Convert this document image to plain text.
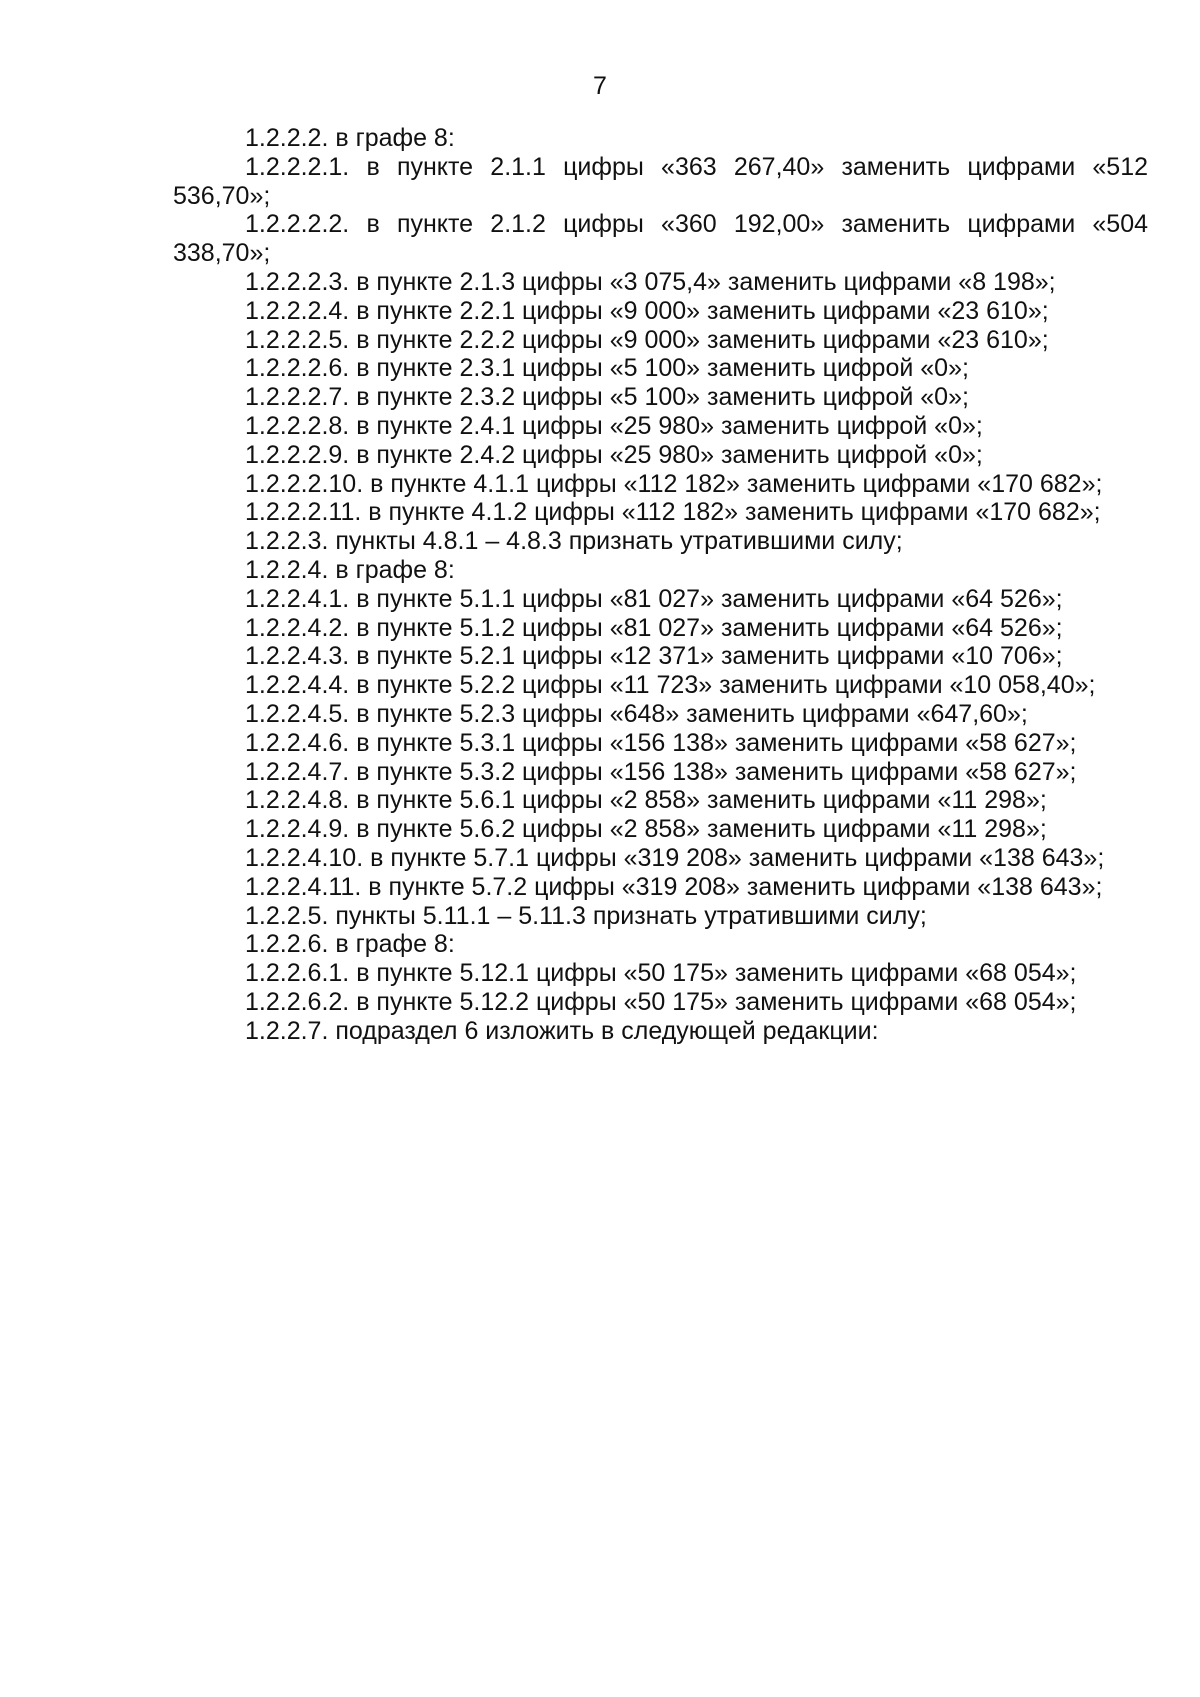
7

1.2.2.2. в графе 8:

1.2.2.2.1. в пункте 2.1.1 цифры «363 267,40» заменить цифрами «512 536,70»;

1.2.2.2.2. в пункте 2.1.2 цифры «360 192,00» заменить цифрами «504 338,70»;

1.2.2.2.3. в пункте 2.1.3 цифры «3 075,4» заменить цифрами «8 198»;

1.2.2.2.4. в пункте 2.2.1 цифры «9 000» заменить цифрами «23 610»;

1.2.2.2.5. в пункте 2.2.2 цифры «9 000» заменить цифрами «23 610»;

1.2.2.2.6. в пункте 2.3.1 цифры «5 100» заменить цифрой «0»;

1.2.2.2.7. в пункте 2.3.2 цифры «5 100» заменить цифрой «0»;

1.2.2.2.8. в пункте 2.4.1 цифры «25 980» заменить цифрой «0»;

1.2.2.2.9. в пункте 2.4.2 цифры «25 980» заменить цифрой «0»;

1.2.2.2.10. в пункте 4.1.1 цифры «112 182» заменить цифрами «170 682»;

1.2.2.2.11. в пункте 4.1.2 цифры «112 182» заменить цифрами «170 682»;

1.2.2.3. пункты 4.8.1 – 4.8.3 признать утратившими силу;

1.2.2.4. в графе 8:

1.2.2.4.1. в пункте 5.1.1 цифры «81 027» заменить цифрами «64 526»;

1.2.2.4.2. в пункте 5.1.2 цифры «81 027» заменить цифрами «64 526»;

1.2.2.4.3. в пункте 5.2.1 цифры «12 371» заменить цифрами «10 706»;

1.2.2.4.4. в пункте 5.2.2 цифры «11 723» заменить цифрами «10 058,40»;

1.2.2.4.5. в пункте 5.2.3 цифры «648» заменить цифрами «647,60»;

1.2.2.4.6. в пункте 5.3.1 цифры «156 138» заменить цифрами «58 627»;

1.2.2.4.7. в пункте 5.3.2 цифры «156 138» заменить цифрами «58 627»;

1.2.2.4.8. в пункте 5.6.1 цифры «2 858» заменить цифрами «11 298»;

1.2.2.4.9. в пункте 5.6.2 цифры «2 858» заменить цифрами «11 298»;

1.2.2.4.10. в пункте 5.7.1 цифры «319 208» заменить цифрами «138 643»;

1.2.2.4.11. в пункте 5.7.2 цифры «319 208» заменить цифрами «138 643»;

1.2.2.5. пункты 5.11.1 – 5.11.3 признать утратившими силу;

1.2.2.6. в графе 8:

1.2.2.6.1. в пункте 5.12.1 цифры «50 175» заменить цифрами «68 054»;

1.2.2.6.2. в пункте 5.12.2 цифры «50 175» заменить цифрами «68 054»;

1.2.2.7. подраздел 6 изложить в следующей редакции:
